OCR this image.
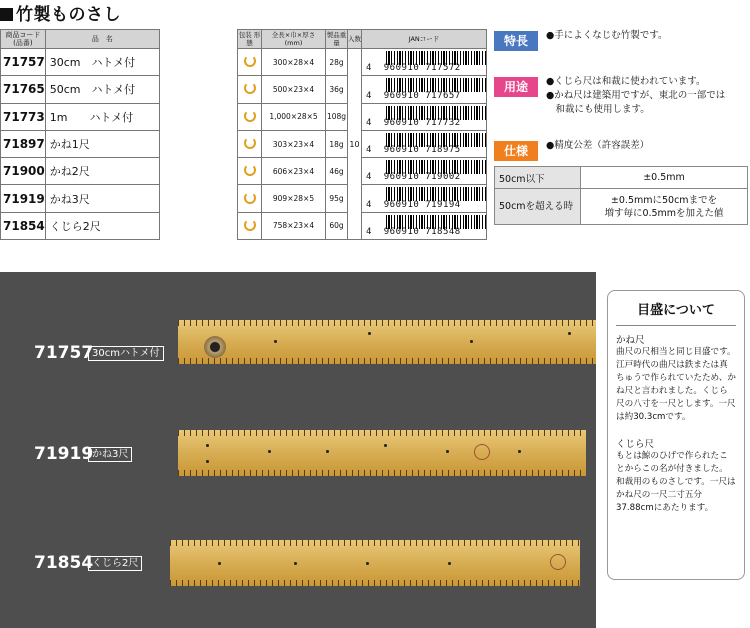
竹製ものさし
商品コード (品番)	品　名
71757	30cm　ハトメ付
71765	50cm　ハトメ付
71773	1m　　ハトメ付
71897	かね1尺
71900	かね2尺
71919	かね3尺
71854	くじら2尺
包装 形態	全長×巾×厚さ (mm)	製品重量	入数	JANコード
	300×28×4	28g	10	4 960910 717572

	500×23×4	36g		4 960910 717657

	1,000×28×5	108g		4 960910 717732

	303×23×4	18g		4 960910 718975

	606×23×4	46g		4 960910 719002

	909×28×5	95g		4 960910 719194

	758×23×4	60g		4 960910 718548
特長	●手によくなじむ竹製です。
用途	●くじら尺は和裁に使われています。
●かね尺は建築用ですが、東北の一部では
　和裁にも使用します。
仕様	●精度公差（許容誤差）
50cm以下	±0.5mm
50cmを超える時	±0.5mmに50cmまでを
増す毎に0.5mmを加えた値
71757
30cmハトメ付
71919
かね3尺
71854
くじら2尺
目盛について
かね尺

曲尺の尺相当と同じ目盛です。江戸時代の曲尺は鉄または真ちゅうで作られていたため、かね尺と言われました。くじら尺の八寸を一尺とします。一尺は約30.3cmです。

くじら尺

もとは鯨のひげで作られたことからこの名が付きました。和裁用のものさしです。一尺はかね尺の一尺二寸五分37.88cmにあたります。
